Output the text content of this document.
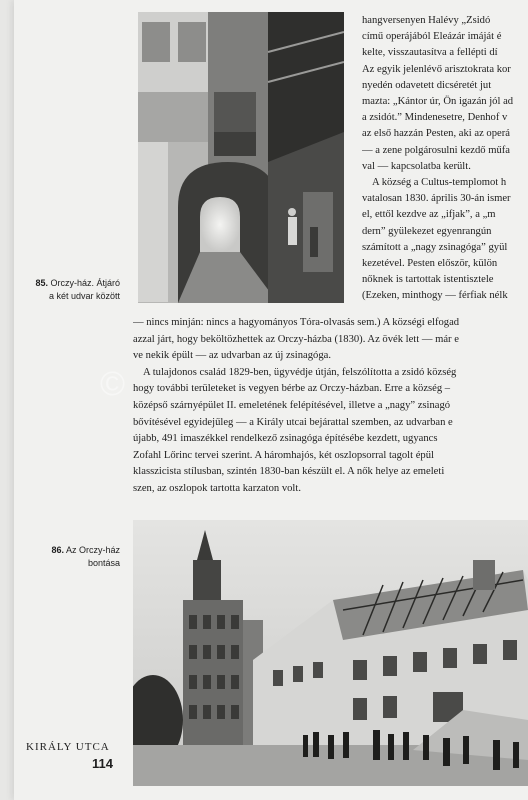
85. Orczy-ház. Átjáró a két udvar között
hangversenyen Halévy „Zsidó
című operájából Eleázár imáját é
kelte, visszautasítva a fellépti dí
Az egyik jelenlévő arisztokrata kor
nyedén odavetett dicséretét jut
mazta: „Kántor úr, Ön igazán jól ad
a zsidót.” Mindenesetre, Denhof v
az első hazzán Pesten, aki az operá
— a zene polgárosulni kezdő műfa
val — kapcsolatba került.
A község a Cultus-templomot h
vatalosan 1830. április 30-án ismer
el, ettől kezdve az „ifjak”, a „m
dern” gyülekezet egyenrangún
számított a „nagy zsinagóga” gyül
kezetével. Pesten először, külön
nőknek is tartottak istentisztele
(Ezeken, minthogy — férfiak nélk
— nincs minján: nincs a hagyományos Tóra-olvasás sem.) A községi elfogad
azzal járt, hogy beköltözhettek az Orczy-házba (1830). Az övék lett — már e
ve nekik épült — az udvarban az új zsinagóga.
A tulajdonos család 1829-ben, ügyvédje útján, felszólította a zsidó község
hogy további területeket is vegyen bérbe az Orczy-házban. Erre a község –
középső szárnyépület II. emeletének felépítésével, illetve a „nagy” zsinagó
bővítésével egyidejűleg — a Király utcai bejárattal szemben, az udvarban e
újabb, 491 imaszékkel rendelkező zsinagóga építésébe kezdett, ugyancs
Zofahl Lőrinc tervei szerint. A háromhajós, két oszlopsorral tagolt épül
klasszicista stílusban, szintén 1830-ban készült el. A nők helye az emeleti
szen, az oszlopok tartotta karzaton volt.
©
86. Az Orczy-ház bontása
KIRÁLY UTCA
114
